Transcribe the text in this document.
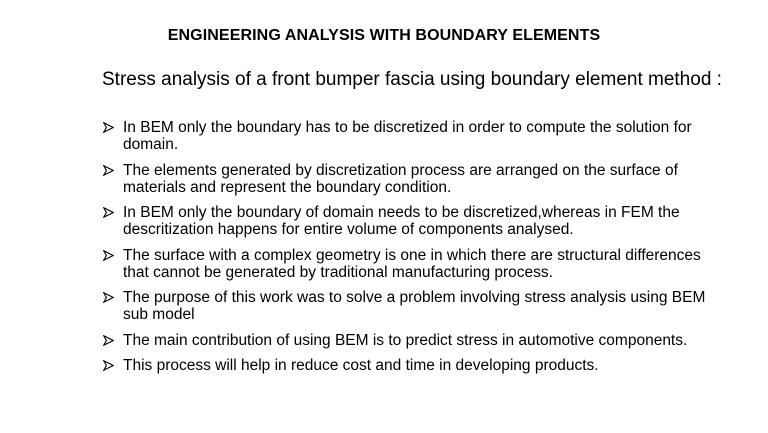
ENGINEERING ANALYSIS WITH BOUNDARY ELEMENTS
Stress analysis of a front bumper fascia using boundary element method :
In BEM only the boundary has to be discretized in order to compute the solution for domain.
The elements generated by discretization process are arranged on the surface of materials and represent the boundary condition.
In BEM only the boundary of domain needs to be discretized,whereas in FEM the descritization happens for entire volume of components analysed.
The surface with a complex geometry is one in which there are structural differences that cannot be generated by traditional manufacturing process.
The purpose of this work was to solve a problem involving stress analysis using BEM sub model
The main contribution of using BEM is to predict stress in automotive components.
This process will help in reduce cost and time in developing products.
